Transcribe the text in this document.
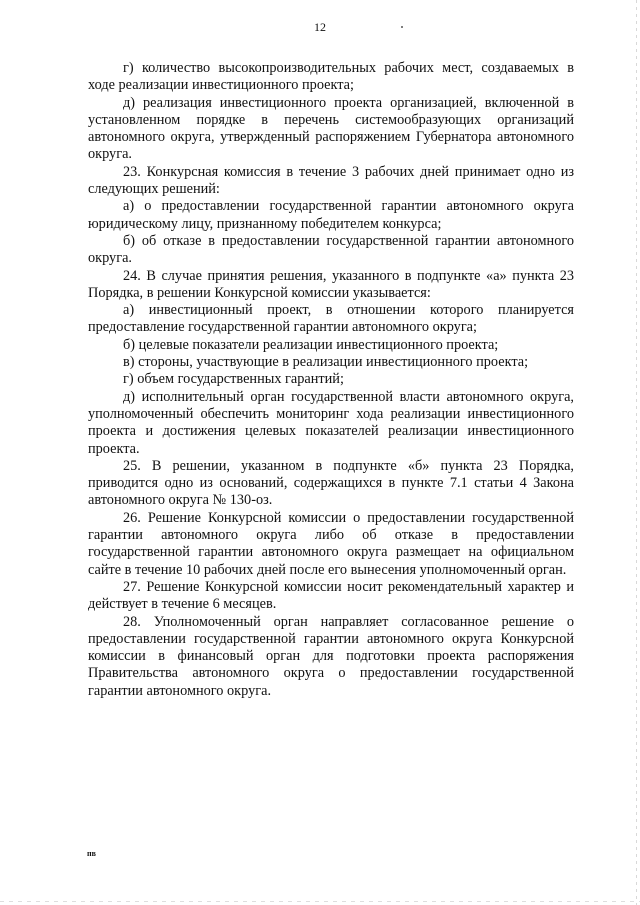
12

г) количество высокопроизводительных рабочих мест, создаваемых в ходе реализации инвестиционного проекта;

д) реализация инвестиционного проекта организацией, включенной в установленном порядке в перечень системообразующих организаций автономного округа, утвержденный распоряжением Губернатора автономного округа.

23. Конкурсная комиссия в течение 3 рабочих дней принимает одно из следующих решений:

а) о предоставлении государственной гарантии автономного округа юридическому лицу, признанному победителем конкурса;

б) об отказе в предоставлении государственной гарантии автономного округа.

24. В случае принятия решения, указанного в подпункте «а» пункта 23 Порядка, в решении Конкурсной комиссии указывается:

а) инвестиционный проект, в отношении которого планируется предоставление государственной гарантии автономного округа;

б) целевые показатели реализации инвестиционного проекта;

в) стороны, участвующие в реализации инвестиционного проекта;

г) объем государственных гарантий;

д) исполнительный орган государственной власти автономного округа, уполномоченный обеспечить мониторинг хода реализации инвестиционного проекта и достижения целевых показателей реализации инвестиционного проекта.

25. В решении, указанном в подпункте «б» пункта 23 Порядка, приводится одно из оснований, содержащихся в пункте 7.1 статьи 4 Закона автономного округа № 130-оз.

26. Решение Конкурсной комиссии о предоставлении государственной гарантии автономного округа либо об отказе в предоставлении государственной гарантии автономного округа размещает на официальном сайте в течение 10 рабочих дней после его вынесения уполномоченный орган.

27. Решение Конкурсной комиссии носит рекомендательный характер и действует в течение 6 месяцев.

28. Уполномоченный орган направляет согласованное решение о предоставлении государственной гарантии автономного округа Конкурсной комиссии в финансовый орган для подготовки проекта распоряжения Правительства автономного округа о предоставлении государственной гарантии автономного округа.

пв
